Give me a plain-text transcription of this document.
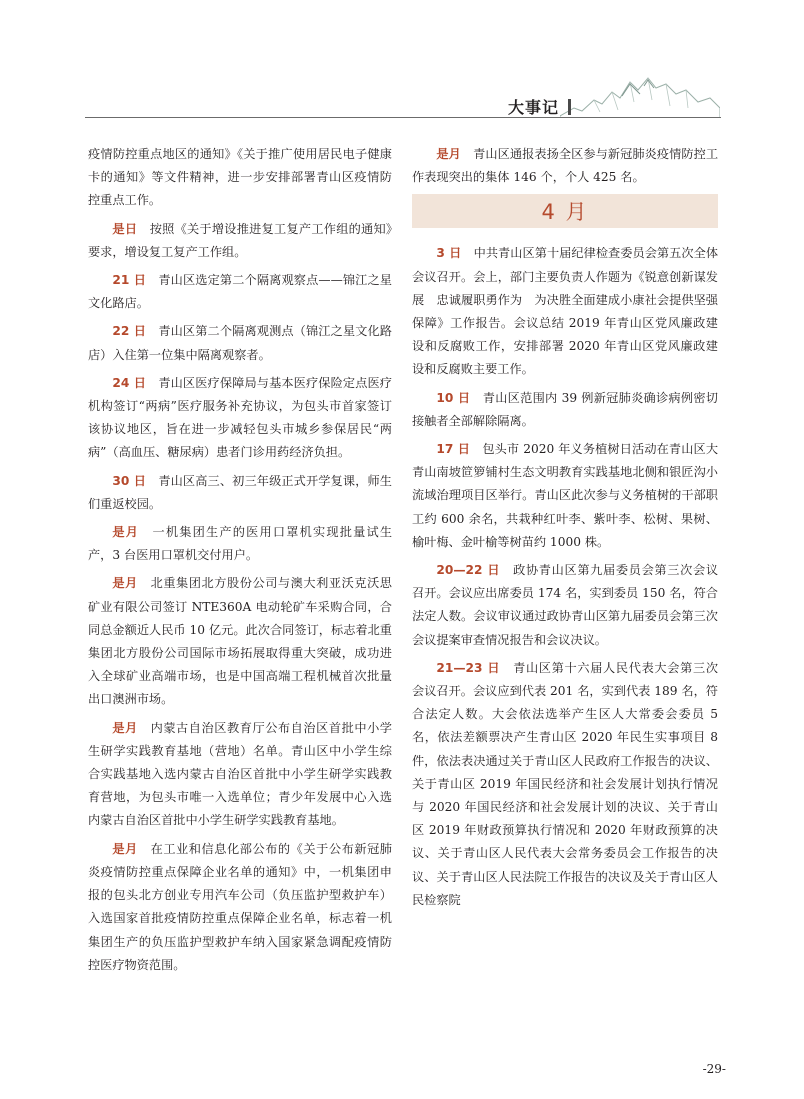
大事记

疫情防控重点地区的通知》《关于推广使用居民电子健康卡的通知》等文件精神，进一步安排部署青山区疫情防控重点工作。

是日　 按照《关于增设推进复工复产工作组的通知》要求，增设复工复产工作组。

21 日　 青山区选定第二个隔离观察点——锦江之星文化路店。

22 日　 青山区第二个隔离观测点（锦江之星文化路店）入住第一位集中隔离观察者。

24 日　 青山区医疗保障局与基本医疗保险定点医疗机构签订“两病”医疗服务补充协议，为包头市首家签订该协议地区，旨在进一步减轻包头市城乡参保居民“两病”（高血压、糖尿病）患者门诊用药经济负担。

30 日　 青山区高三、初三年级正式开学复课，师生们重返校园。

是月　 一机集团生产的医用口罩机实现批量试生产，3 台医用口罩机交付用户。

是月　 北重集团北方股份公司与澳大利亚沃克沃思矿业有限公司签订 NTE360A 电动轮矿车采购合同，合同总金额近人民币 10 亿元。此次合同签订，标志着北重集团北方股份公司国际市场拓展取得重大突破，成功进入全球矿业高端市场，也是中国高端工程机械首次批量出口澳洲市场。

是月　 内蒙古自治区教育厅公布自治区首批中小学生研学实践教育基地（营地）名单。青山区中小学生综合实践基地入选内蒙古自治区首批中小学生研学实践教育营地，为包头市唯一入选单位；青少年发展中心入选内蒙古自治区首批中小学生研学实践教育基地。

是月　 在工业和信息化部公布的《关于公布新冠肺炎疫情防控重点保障企业名单的通知》中，一机集团申报的包头北方创业专用汽车公司（负压监护型救护车）入选国家首批疫情防控重点保障企业名单，标志着一机集团生产的负压监护型救护车纳入国家紧急调配疫情防控医疗物资范围。

是月　 青山区通报表扬全区参与新冠肺炎疫情防控工作表现突出的集体 146 个，个人 425 名。

4 月

3 日　 中共青山区第十届纪律检查委员会第五次全体会议召开。会上，部门主要负责人作题为《锐意创新谋发展　忠诚履职勇作为　为决胜全面建成小康社会提供坚强保障》工作报告。会议总结 2019 年青山区党风廉政建设和反腐败工作，安排部署 2020 年青山区党风廉政建设和反腐败主要工作。

10 日　 青山区范围内 39 例新冠肺炎确诊病例密切接触者全部解除隔离。

17 日　 包头市 2020 年义务植树日活动在青山区大青山南坡笸箩铺村生态文明教育实践基地北侧和银匠沟小流域治理项目区举行。青山区此次参与义务植树的干部职工约 600 余名，共栽种红叶李、紫叶李、松树、果树、榆叶梅、金叶榆等树苗约 1000 株。

20—22 日　 政协青山区第九届委员会第三次会议召开。会议应出席委员 174 名，实到委员 150 名，符合法定人数。会议审议通过政协青山区第九届委员会第三次会议提案审查情况报告和会议决议。

21—23 日　 青山区第十六届人民代表大会第三次会议召开。会议应到代表 201 名，实到代表 189 名，符合法定人数。大会依法选举产生区人大常委会委员 5 名，依法差额票决产生青山区 2020 年民生实事项目 8 件，依法表决通过关于青山区人民政府工作报告的决议、关于青山区 2019 年国民经济和社会发展计划执行情况与 2020 年国民经济和社会发展计划的决议、关于青山区 2019 年财政预算执行情况和 2020 年财政预算的决议、关于青山区人民代表大会常务委员会工作报告的决议、关于青山区人民法院工作报告的决议及关于青山区人民检察院

-29-
